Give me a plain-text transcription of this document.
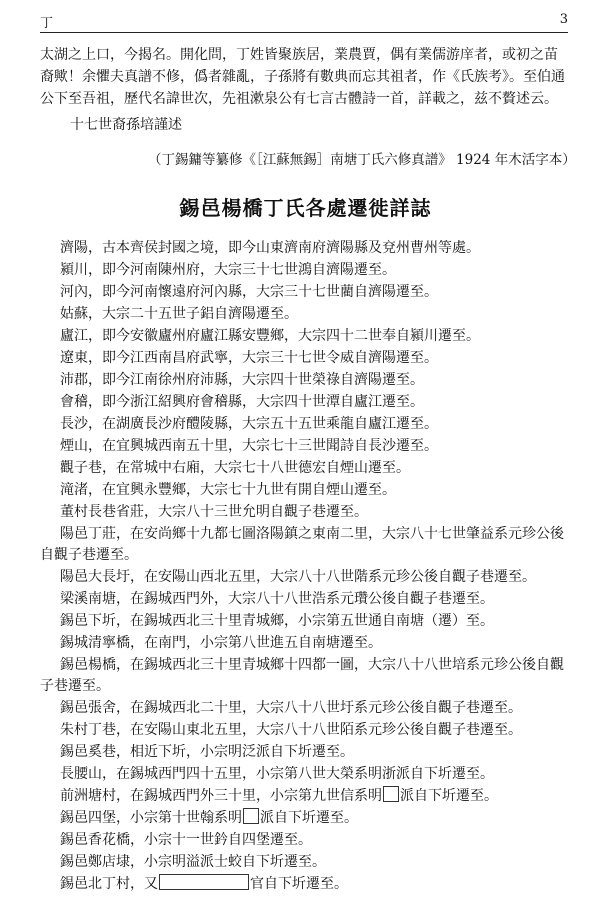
丁	3

太湖之上口，今揭名。開化問，丁姓皆聚族居，業農賈，偶有業儒游庠者，或初之苗裔歟！余懼夫真譜不修，僞者雜亂，子孫將有數典而忘其祖者，作《氏族考》。至伯通公下至吾祖，歷代名諱世次，先祖漱泉公有七言古體詩一首，詳載之，兹不贅述云。

十七世裔孫培謹述
（丁錫鏞等纂修《［江蘇無錫］南塘丁氏六修真譜》 1924 年木活字本）
錫邑楊橋丁氏各處遷徙詳誌
濟陽，古本齊侯封國之境，即今山東濟南府濟陽縣及兗州曹州等處。
潁川，即今河南陳州府，大宗三十七世鴻自濟陽遷至。
河內，即今河南懷遠府河內縣，大宗三十七世藺自濟陽遷至。
姑蘇，大宗二十五世子鋁自濟陽遷至。
廬江，即今安徽廬州府廬江縣安豐鄉，大宗四十二世奉自潁川遷至。
遼東，即今江西南昌府武寧，大宗三十七世令威自濟陽遷至。
沛郡，即今江南徐州府沛縣，大宗四十世榮祿自濟陽遷至。
會稽，即今浙江紹興府會稽縣，大宗四十世潭自廬江遷至。
長沙，在湖廣長沙府醴陵縣，大宗五十五世乘龍自廬江遷至。
煙山，在宜興城西南五十里，大宗七十三世聞詩自長沙遷至。
觀子巷，在常城中右廂，大宗七十八世德宏自煙山遷至。
滝渚，在宜興永豐鄉，大宗七十九世有開自煙山遷至。
董村長巷省莊，大宗八十三世允明自觀子巷遷至。
陽邑丁莊，在安尚鄉十九都七圖洛陽鎮之東南二里，大宗八十七世肇益系元珍公後自觀子巷遷至。
陽邑大長圩，在安陽山西北五里，大宗八十八世階系元珍公後自觀子巷遷至。
梁溪南塘，在錫城西門外，大宗八十八世浩系元瓚公後自觀子巷遷至。
錫邑下圻，在錫城西北三十里青城鄉，小宗第五世通自南塘（遷）至。
錫城清寧橋，在南門，小宗第八世進五自南塘遷至。
錫邑楊橋，在錫城西北三十里青城鄉十四都一圖，大宗八十八世培系元珍公後自觀子巷遷至。
錫邑張舍，在錫城西北二十里，大宗八十八世圩系元珍公後自觀子巷遷至。
朱村丁巷，在安陽山東北五里，大宗八十八世陌系元珍公後自觀子巷遷至。
錫邑奚巷，相近下圻，小宗明泛派自下圻遷至。
長腰山，在錫城西門四十五里，小宗第八世大榮系明浙派自下圻遷至。
前洲塘村，在錫城西門外三十里，小宗第九世信系明 派自下圻遷至。
錫邑四堡，小宗第十世翰系明 派自下圻遷至。
錫邑香花橋，小宗十一世鈐自四堡遷至。
錫邑鄭店埭，小宗明溢派士蛟自下圻遷至。
錫邑北丁村，又	官自下圻遷至。
